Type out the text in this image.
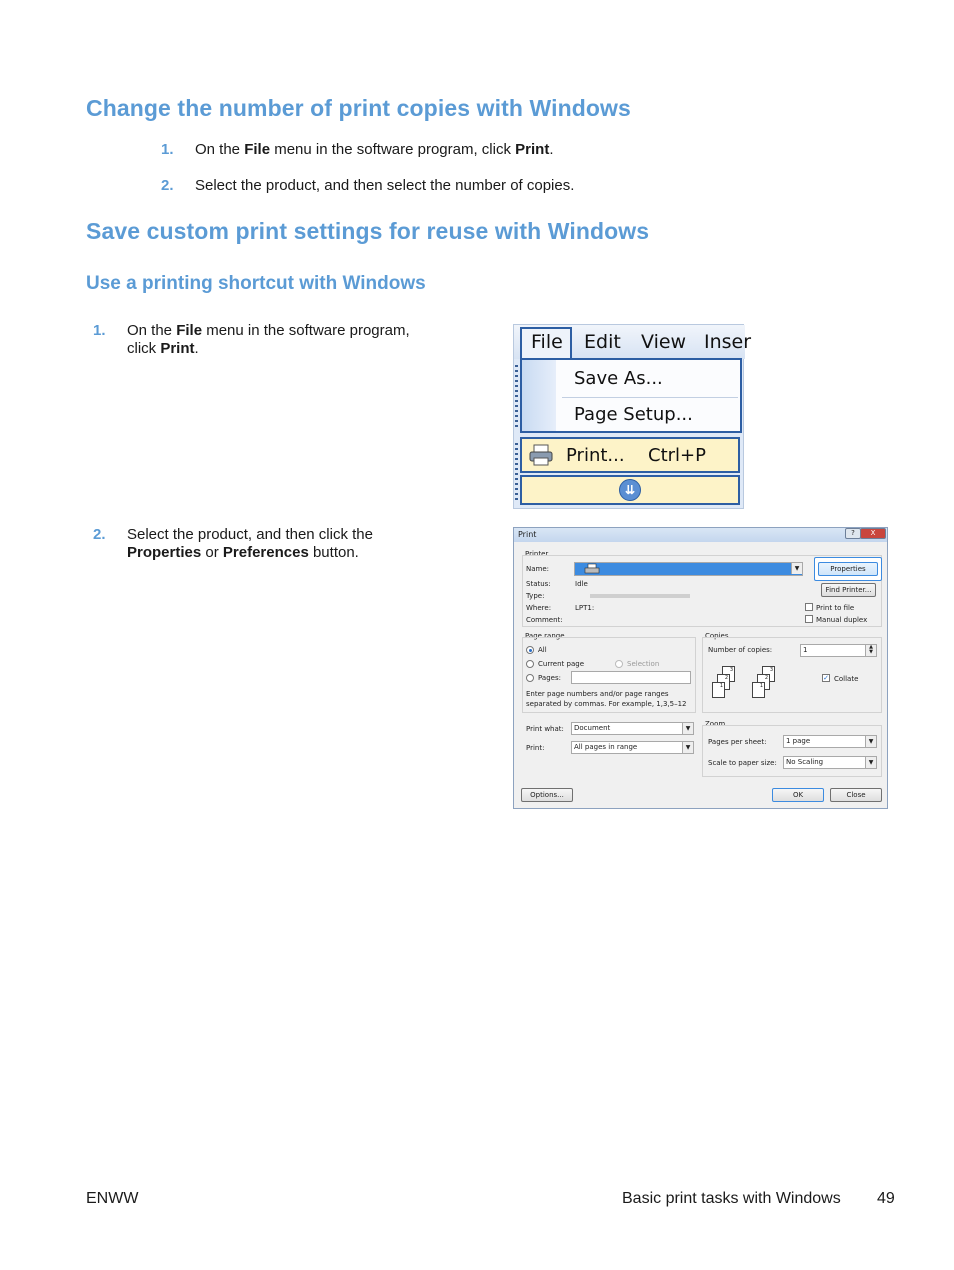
Change the number of print copies with Windows
1. On the File menu in the software program, click Print.
2. Select the product, and then select the number of copies.
Save custom print settings for reuse with Windows
Use a printing shortcut with Windows
1. On the File menu in the software program,
click Print.
2. Select the product, and then click the
Properties or Preferences button.
File Edit View Inser
Save As...
Page Setup...
Print... Ctrl+P
⇊
Print	?	X
Printer
Name:	▼
Status:	Idle
Type:
Where:	LPT1:
Comment:
Properties
Find Printer...
Print to file
Manual duplex
Page range
All
Current page	Selection
Pages:
Enter page numbers and/or page ranges
separated by commas. For example, 1,3,5–12
Copies
Number of copies:	1	▲
▼
3
2
1
3
2
1
✓ Collate
Print what: Document	▼
Print:	All pages in range	▼
Zoom
Pages per sheet:	1 page	▼
Scale to paper size: No Scaling	▼
Options...	OK	Close
ENWW	Basic print tasks with Windows 49
